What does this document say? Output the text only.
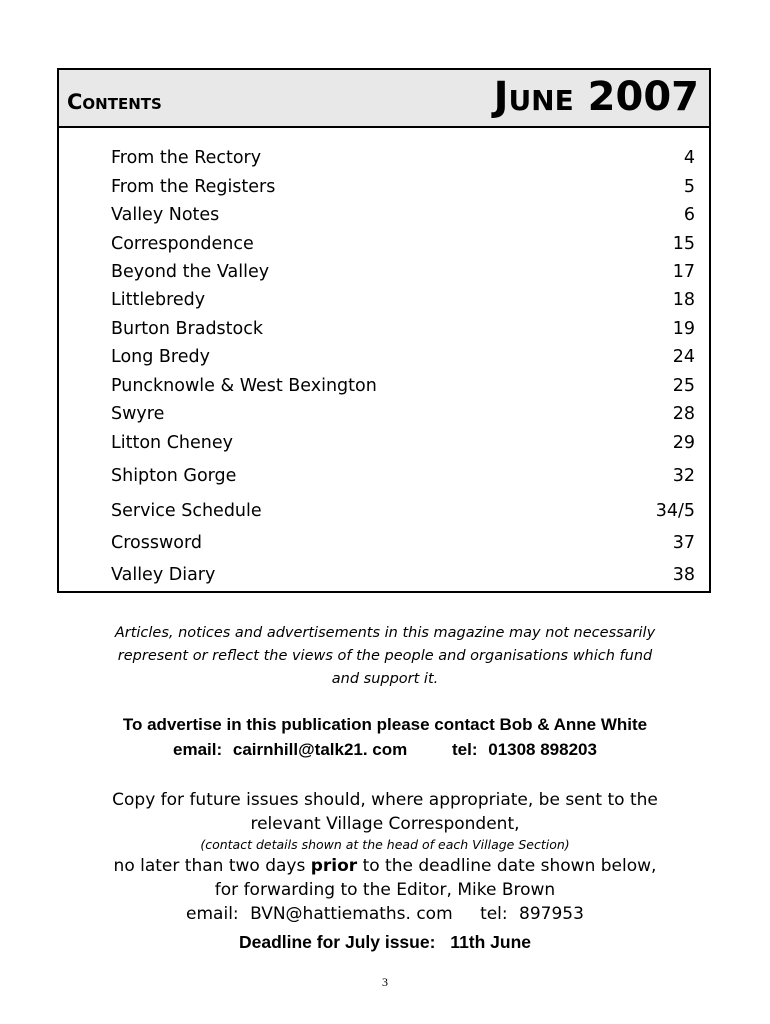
Contents	June 2007
From the Rectory	4
From the Registers	5
Valley Notes	6
Correspondence	15
Beyond the Valley	17
Littlebredy	18
Burton Bradstock	19
Long Bredy	24
Puncknowle & West Bexington	25
Swyre	28
Litton Cheney	29
Shipton Gorge	32
Service Schedule	34/5
Crossword	37
Valley Diary	38
Articles, notices and advertisements in this magazine may not necessarily
represent or reflect the views of the people and organisations which fund
and support it.
To advertise in this publication please contact Bob & Anne White
email: cairnhill@talk21. com	tel: 01308 898203
Copy for future issues should, where appropriate, be sent to the
relevant Village Correspondent,
(contact details shown at the head of each Village Section)
no later than two days prior to the deadline date shown below,
for forwarding to the Editor, Mike Brown
email: BVN@hattiemaths. com tel: 897953
Deadline for July issue: 11th June
3
